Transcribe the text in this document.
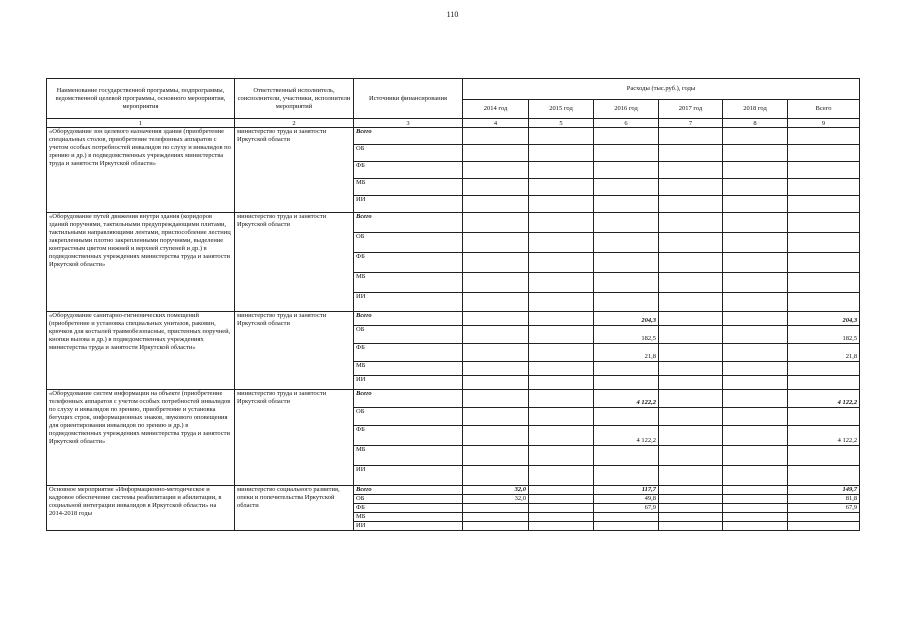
110
Наименование государственной программы, подпрограммы, ведомственной целевой программы, основного мероприятия, мероприятия	Ответственный исполнитель, соисполнители, участники, исполнители мероприятий	Источники финансирования	Расходы (тыс.руб.), годы					
			2014 год	2015 год	2016 год	2017 год	2018 год	Всего
1	2	3	4	5	6	7	8	9
«Оборудование зон целевого назначения здания (приобретение специальных столов, приобретение телефонных аппаратов с учетом особых потребностей инвалидов по слуху и инвалидов по зрению и др.) в подведомственных учреждениях министерства труда и занятости Иркутской области»	министерство труда и занятости Иркутской области	Всего						
		ОБ						
		ФБ						
		МБ						
		ИИ						
«Оборудование путей движения внутри здания (коридоров зданий поручнями, тактильными предупреждающими плитами, тактильными направляющими лентами, приспособление лестниц закрепленными плотно закрепленными поручнями, выделение контрастным цветом нижней и верхней ступеней и др.) в подведомственных учреждениях министерства труда и занятости Иркутской области»	министерство труда и занятости Иркутской области	Всего						
		ОБ						
		ФБ						
		МБ						
		ИИ						
«Оборудование санитарно-гигиенических помещений (приобретение и установка специальных унитазов, раковин, крючков для костылей травмобезопасные, пристенных поручней, кнопки вызова и др.) в подведомственных учреждениях министерства труда и занятости Иркутской области»	министерство труда и занятости Иркутской области	Всего			204,3			204,3
		ОБ			182,5			182,5
		ФБ			21,8			21,8
		МБ						
		ИИ						
«Оборудование систем информации на объекте (приобретение телефонных аппаратов с учетом особых потребностей инвалидов по слуху и инвалидов по зрению, приобретение и установка бегущих строк, информационных знаков, звукового оповещения для ориентирования инвалидов по зрению и др.) в подведомственных учреждениях министерства труда и занятости Иркутской области»	министерство труда и занятости Иркутской области	Всего			4 122,2			4 122,2
		ОБ						
		ФБ			4 122,2			4 122,2
		МБ						
		ИИ						
Основное мероприятие «Информационно-методическое и кадровое обеспечение системы реабилитации и абилитации, в социальной интеграции инвалидов в Иркутской области» на 2014-2018 годы	министерство социального развития, опеки и попечительства Иркутской области	Всего	32,0		117,7			149,7
		ОБ	32,0		49,8			81,8
		ФБ			67,9			67,9
		МБ						
		ИИ						
